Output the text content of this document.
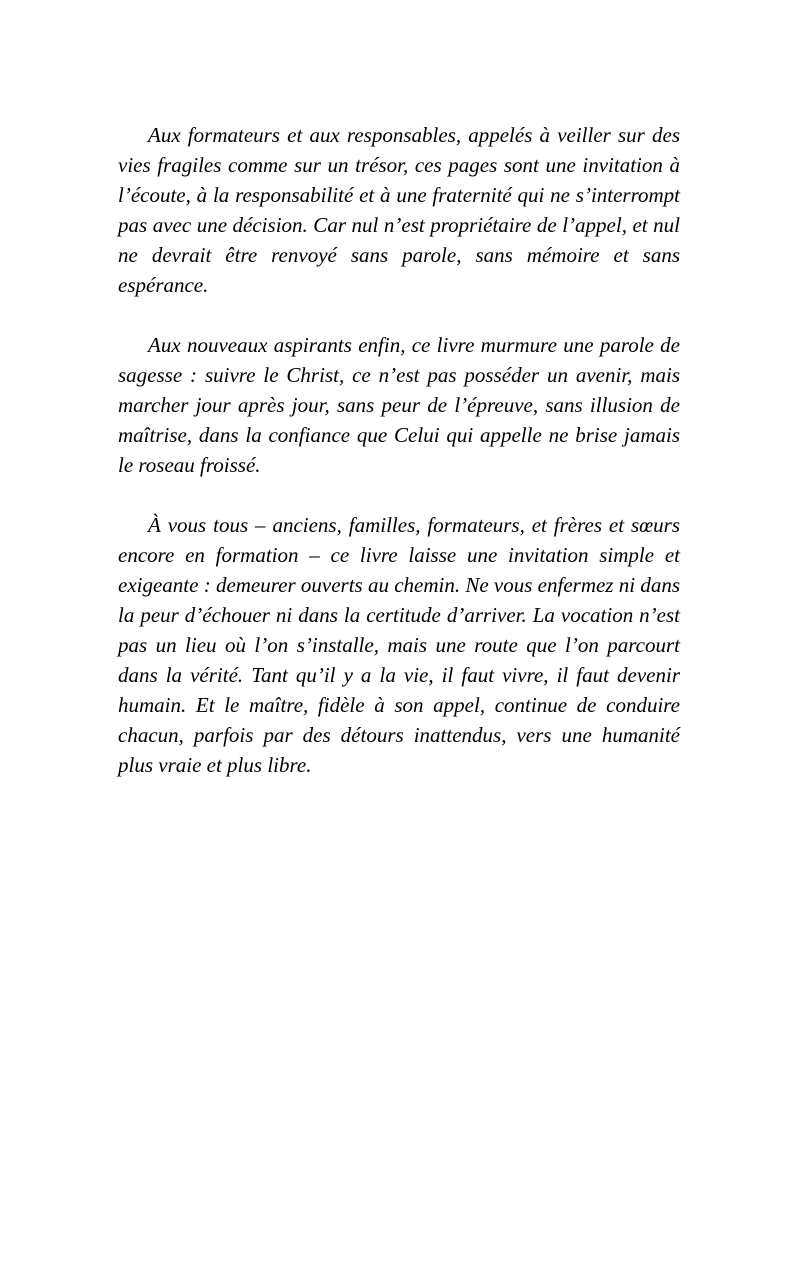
Aux formateurs et aux responsables, appelés à veiller sur des vies fragiles comme sur un trésor, ces pages sont une invitation à l’écoute, à la responsabilité et à une fraternité qui ne s’interrompt pas avec une décision. Car nul n’est propriétaire de l’appel, et nul ne devrait être renvoyé sans parole, sans mémoire et sans espérance.

Aux nouveaux aspirants enfin, ce livre murmure une parole de sagesse : suivre le Christ, ce n’est pas posséder un avenir, mais marcher jour après jour, sans peur de l’épreuve, sans illusion de maîtrise, dans la confiance que Celui qui appelle ne brise jamais le roseau froissé.

À vous tous – anciens, familles, formateurs, et frères et sœurs encore en formation – ce livre laisse une invitation simple et exigeante : demeurer ouverts au chemin. Ne vous enfermez ni dans la peur d’échouer ni dans la certitude d’arriver. La vocation n’est pas un lieu où l’on s’installe, mais une route que l’on parcourt dans la vérité. Tant qu’il y a la vie, il faut vivre, il faut devenir humain. Et le maître, fidèle à son appel, continue de conduire chacun, parfois par des détours inattendus, vers une humanité plus vraie et plus libre.
